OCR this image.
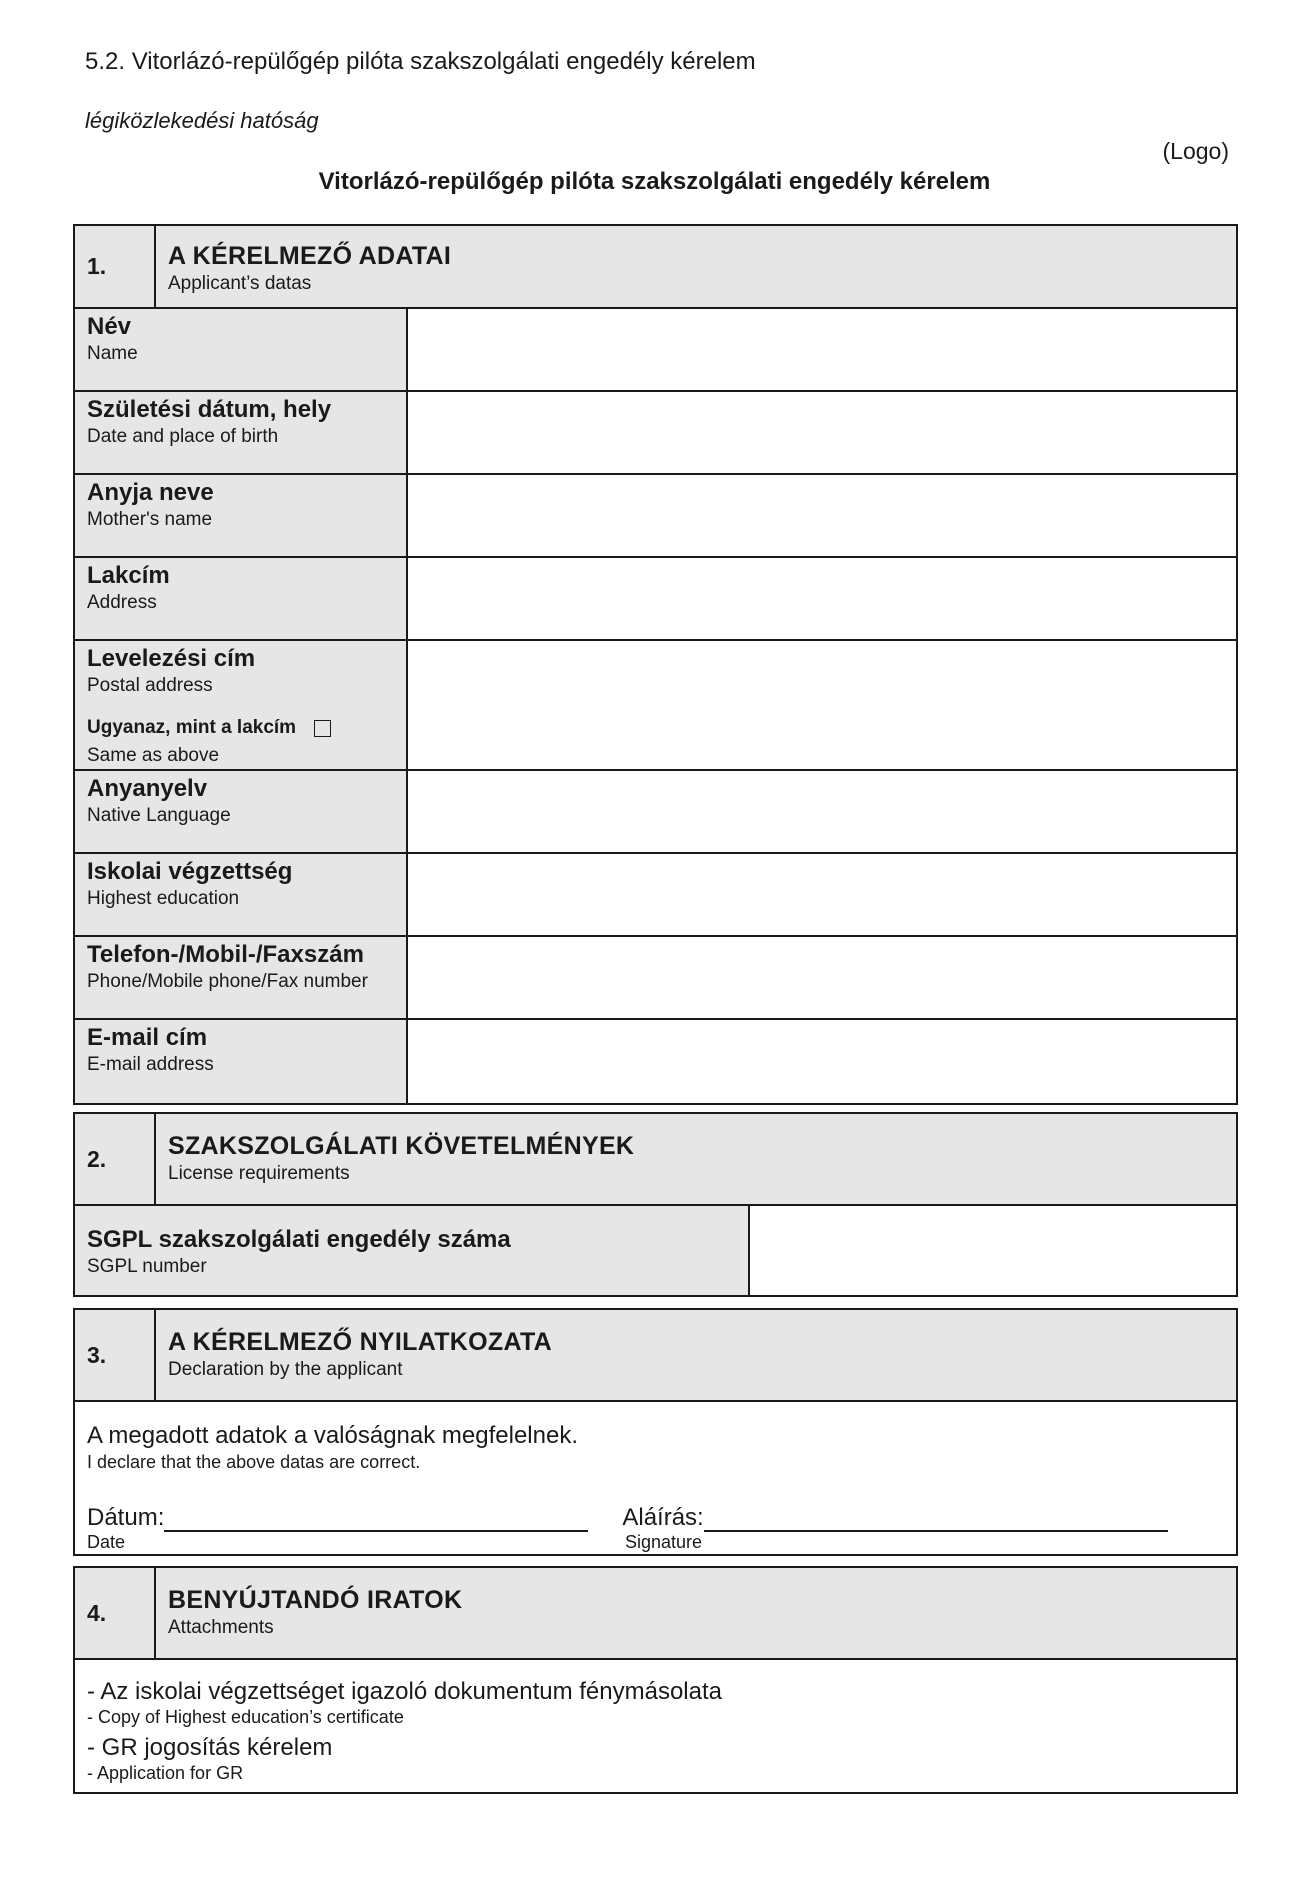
5.2. Vitorlázó-repülőgép pilóta szakszolgálati engedély kérelem
légiközlekedési hatóság
(Logo)
Vitorlázó-repülőgép pilóta szakszolgálati engedély kérelem
1.	A KÉRELMEZŐ ADATAI
Applicant’s datas
Név
Name
Születési dátum, hely
Date and place of birth
Anyja neve
Mother's name
Lakcím
Address
Levelezési cím
Postal address
Ugyanaz, mint a lakcím
Same as above
Anyanyelv
Native Language
Iskolai végzettség
Highest education
Telefon-/Mobil-/Faxszám
Phone/Mobile phone/Fax number
E-mail cím
E-mail address
2.	SZAKSZOLGÁLATI KÖVETELMÉNYEK
License requirements
SGPL szakszolgálati engedély száma
SGPL number
3.	A KÉRELMEZŐ NYILATKOZATA
Declaration by the applicant
A megadott adatok a valóságnak megfelelnek.
I declare that the above datas are correct.
Dátum:	Aláírás:
Date	Signature
4.	BENYÚJTANDÓ IRATOK
Attachments
- Az iskolai végzettséget igazoló dokumentum fénymásolata
- Copy of Highest education’s certificate
- GR jogosítás kérelem
- Application for GR
